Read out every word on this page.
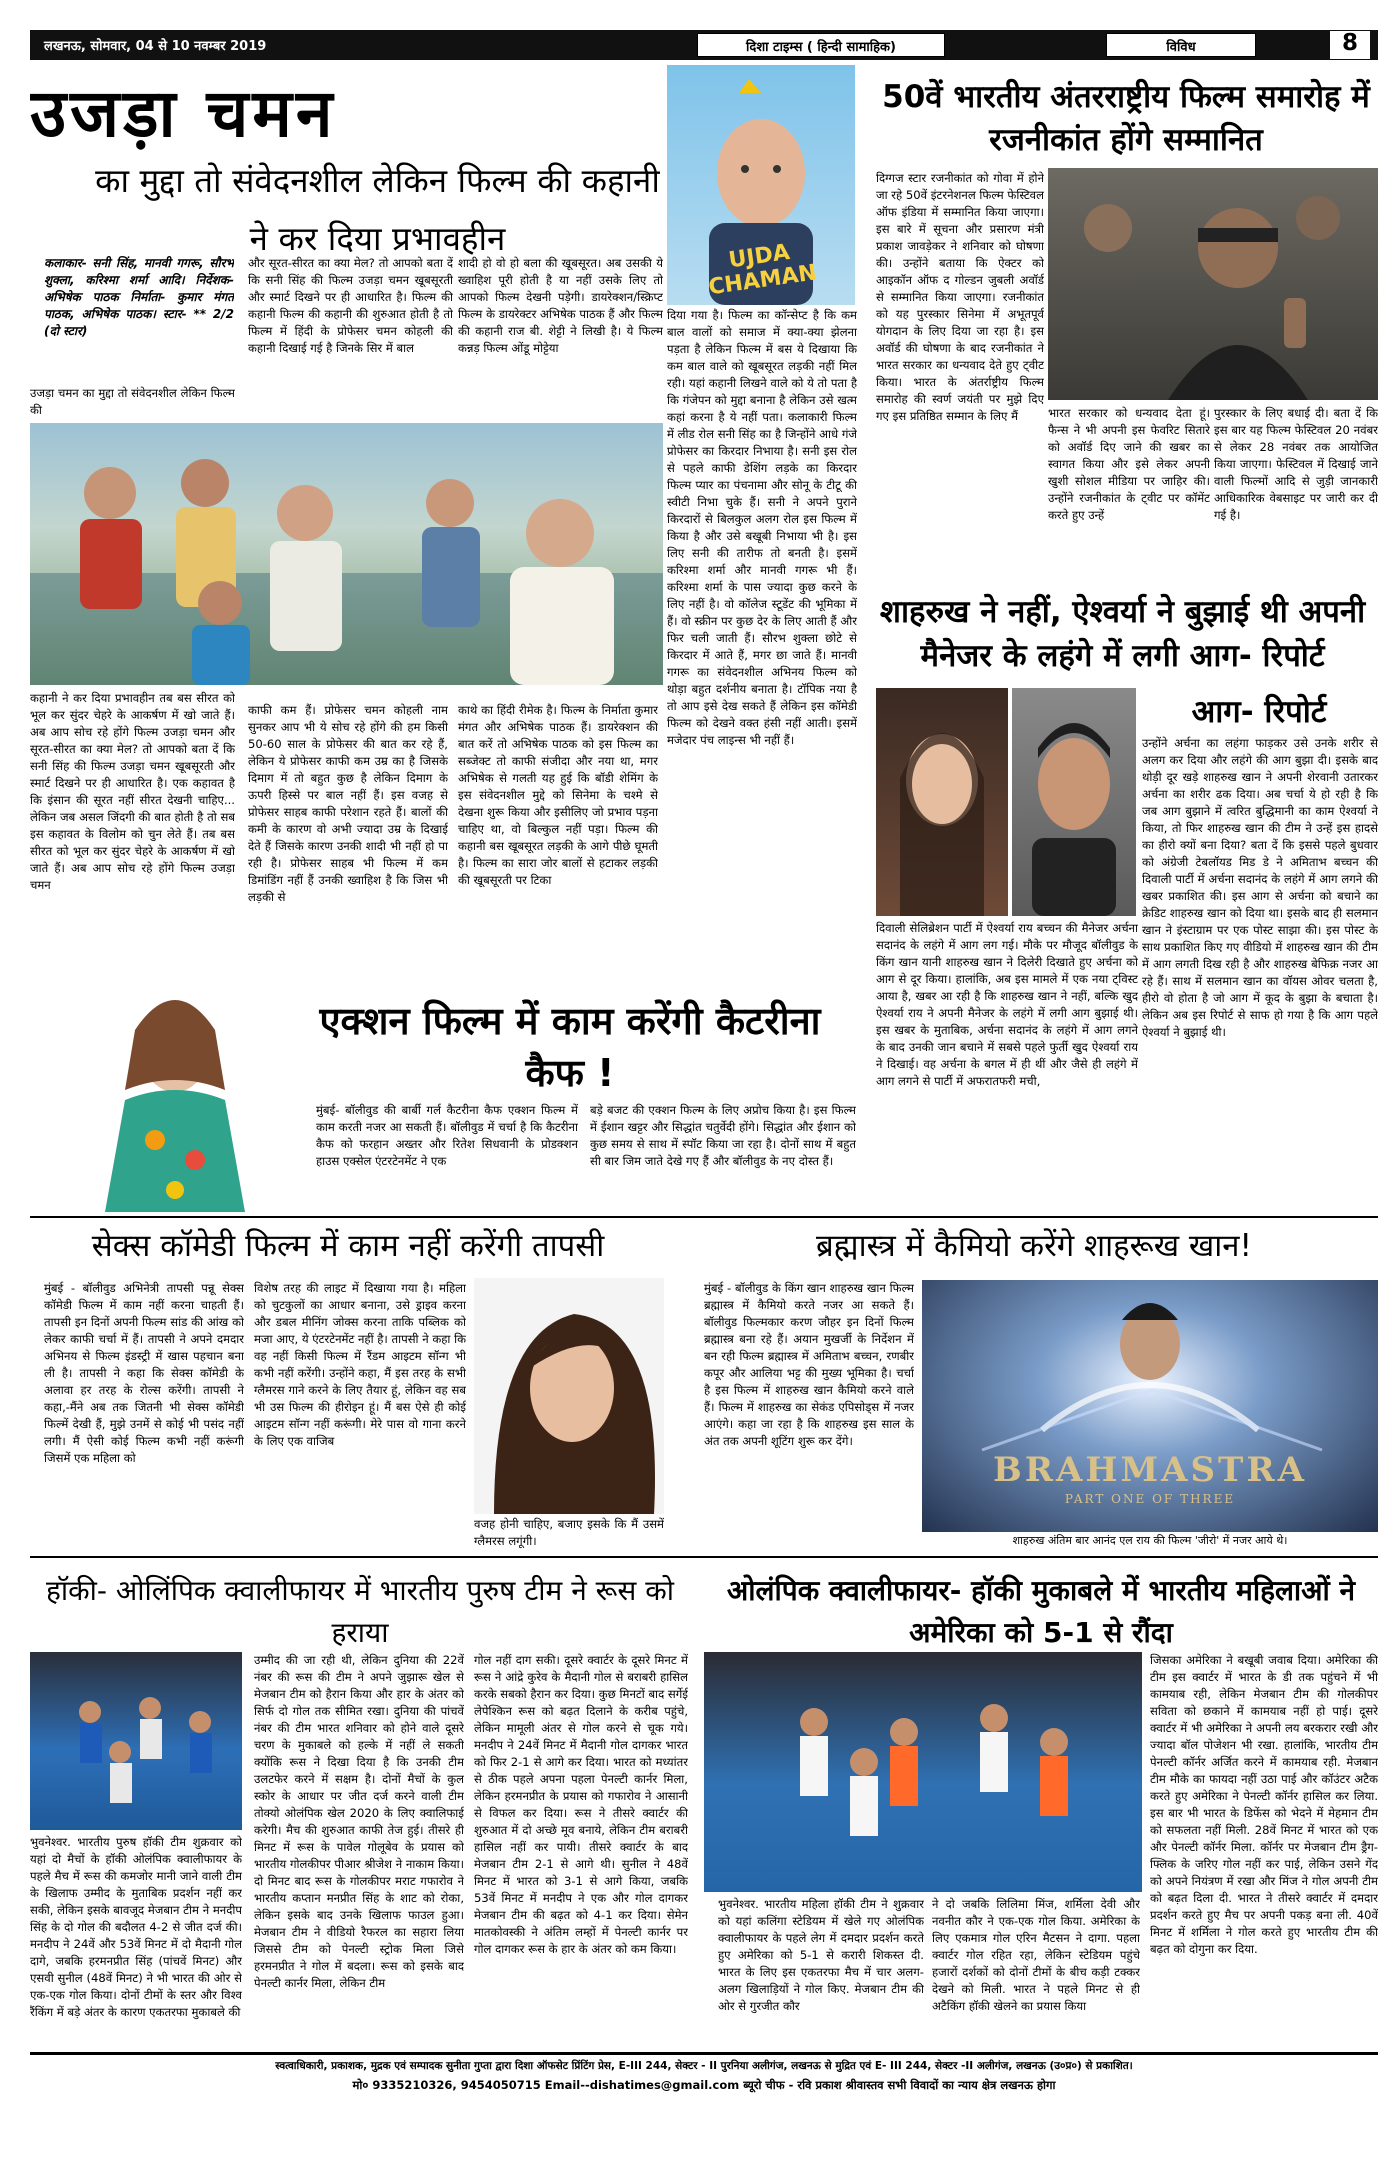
लखनऊ, सोमवार, 04 से 10 नवम्बर 2019	दिशा टाइम्स ( हिन्दी सामाहिक)	विविध	8
उजड़ा चमन
का मुद्दा तो संवेदनशील लेकिन फिल्म की कहानी ने कर दिया प्रभावहीन
कलाकार- सनी सिंह, मानवी गगरू, सौरभ शुक्ला, करिश्मा शर्मा आदि। निर्देशक- अभिषेक पाठक निर्माता- कुमार मंगत पाठक, अभिषेक पाठक। स्टार- ** 2/2 (दो स्टार)
उजड़ा चमन का मुद्दा तो संवेदनशील लेकिन फिल्म की
और सूरत-सीरत का क्या मेल? तो आपको बता दें कि सनी सिंह की फिल्म उजड़ा चमन खूबसूरती और स्मार्ट दिखने पर ही आधारित है। फिल्म की कहानी फिल्म की कहानी की शुरुआत होती है तो फिल्म में हिंदी के प्रोफेसर चमन कोहली की कहानी दिखाई गई है जिनके सिर में बाल
शादी हो वो हो बला की खूबसूरत। अब उसकी ये ख्वाहिश पूरी होती है या नहीं उसके लिए तो आपको फिल्म देखनी पड़ेगी। डायरेक्शन/स्क्रिप्ट फिल्म के डायरेक्टर अभिषेक पाठक हैं और फिल्म की कहानी राज बी. शेट्टी ने लिखी है। ये फिल्म कन्नड़ फिल्म ओंडू मोट्टेया
कहानी ने कर दिया प्रभावहीन तब बस सीरत को भूल कर सुंदर चेहरे के आकर्षण में खो जाते हैं। अब आप सोच रहे होंगे फिल्म उजड़ा चमन और सूरत-सीरत का क्या मेल? तो आपको बता दें कि सनी सिंह की फिल्म उजड़ा चमन खूबसूरती और स्मार्ट दिखने पर ही आधारित है। एक कहावत है कि इंसान की सूरत नहीं सीरत देखनी चाहिए... लेकिन जब असल जिंदगी की बात होती है तो सब इस कहावत के विलोम को चुन लेते हैं। तब बस सीरत को भूल कर सुंदर चेहरे के आकर्षण में खो जाते हैं। अब आप सोच रहे होंगे फिल्म उजड़ा चमन
काफी कम हैं। प्रोफेसर चमन कोहली नाम सुनकर आप भी ये सोच रहे होंगे की हम किसी 50-60 साल के प्रोफेसर की बात कर रहे हैं, लेकिन ये प्रोफेसर काफी कम उम्र का है जिसके दिमाग में तो बहुत कुछ है लेकिन दिमाग के ऊपरी हिस्से पर बाल नहीं हैं। इस वजह से प्रोफेसर साहब काफी परेशान रहते हैं। बालों की कमी के कारण वो अभी ज्यादा उम्र के दिखाई देते हैं जिसके कारण उनकी शादी भी नहीं हो पा रही है। प्रोफेसर साहब भी फिल्म में कम डिमांडिंग नहीं हैं उनकी ख्वाहिश है कि जिस भी लड़की से
काथे का हिंदी रीमेक है। फिल्म के निर्माता कुमार मंगत और अभिषेक पाठक हैं। डायरेक्शन की बात करें तो अभिषेक पाठक को इस फिल्म का सब्जेक्ट तो काफी संजीदा और नया था, मगर अभिषेक से गलती यह हुई कि बॉडी शेमिंग के इस संवेदनशील मुद्दे को सिनेमा के चश्मे से देखना शुरू किया और इसीलिए जो प्रभाव पड़ना चाहिए था, वो बिल्कुल नहीं पड़ा। फिल्म की कहानी बस खूबसूरत लड़की के आगे पीछे घूमती है। फिल्म का सारा जोर बालों से हटाकर लड़की की खूबसूरती पर टिका
UJDA CHAMAN
दिया गया है। फिल्म का कॉन्सेप्ट है कि कम बाल वालों को समाज में क्या-क्या झेलना पड़ता है लेकिन फिल्म में बस ये दिखाया कि कम बाल वाले को खूबसूरत लड़की नहीं मिल रही। यहां कहानी लिखने वाले को ये तो पता है कि गंजेपन को मुद्दा बनाना है लेकिन उसे खत्म कहां करना है ये नहीं पता। कलाकारी फिल्म में लीड रोल सनी सिंह का है जिन्होंने आधे गंजे प्रोफेसर का किरदार निभाया है। सनी इस रोल से पहले काफी डेशिंग लड़के का किरदार फिल्म प्यार का पंचनामा और सोनू के टीटू की स्वीटी निभा चुके हैं। सनी ने अपने पुराने किरदारों से बिलकुल अलग रोल इस फिल्म में किया है और उसे बखूबी निभाया भी है। इस लिए सनी की तारीफ तो बनती है। इसमें करिश्मा शर्मा और मानवी गगरू भी हैं। करिश्मा शर्मा के पास ज्यादा कुछ करने के लिए नहीं है। वो कॉलेज स्टूडेंट की भूमिका में हैं। वो स्क्रीन पर कुछ देर के लिए आती हैं और फिर चली जाती हैं। सौरभ शुक्ला छोटे से किरदार में आते हैं, मगर छा जाते हैं। मानवी गगरू का संवेदनशील अभिनय फिल्म को थोड़ा बहुत दर्शनीय बनाता है। टॉपिक नया है तो आप इसे देख सकते हैं लेकिन इस कॉमेडी फिल्म को देखने वक्त हंसी नहीं आती। इसमें मजेदार पंच लाइन्स भी नहीं हैं।
50वें भारतीय अंतरराष्ट्रीय फिल्म समारोह में रजनीकांत होंगे सम्मानित
दिग्गज स्टार रजनीकांत को गोवा में होने जा रहे 50वें इंटरनेशनल फिल्म फेस्टिवल ऑफ इंडिया में सम्मानित किया जाएगा। इस बारे में सूचना और प्रसारण मंत्री प्रकाश जावड़ेकर ने शनिवार को घोषणा की। उन्होंने बताया कि ऐक्टर को आइकॉन ऑफ द गोल्डन जुबली अवॉर्ड से सम्मानित किया जाएगा। रजनीकांत को यह पुरस्कार सिनेमा में अभूतपूर्व योगदान के लिए दिया जा रहा है। इस अवॉर्ड की घोषणा के बाद रजनीकांत ने भारत सरकार का धन्यवाद देते हुए ट्वीट किया। भारत के अंतर्राष्ट्रीय फिल्म समारोह की स्वर्ण जयंती पर मुझे दिए गए इस प्रतिष्ठित सम्मान के लिए मैं	भारत सरकार को धन्यवाद देता हूं। फैन्स ने भी अपनी इस फेवरिट सितारे को अवॉर्ड दिए जाने की खबर का स्वागत किया और इसे लेकर अपनी खुशी सोशल मीडिया पर जाहिर की। उन्होंने रजनीकांत के ट्वीट पर कॉमेंट करते हुए उन्हें
पुरस्कार के लिए बधाई दी। बता दें कि इस बार यह फिल्म फेस्टिवल 20 नवंबर से लेकर 28 नवंबर तक आयोजित किया जाएगा। फेस्टिवल में दिखाई जाने वाली फिल्मों आदि से जुड़ी जानकारी आधिकारिक वेबसाइट पर जारी कर दी गई है।
शाहरुख ने नहीं, ऐश्वर्या ने बुझाई थी अपनी मैनेजर के लहंगे में लगी आग- रिपोर्ट
आग- रिपोर्ट
उन्होंने अर्चना का लहंगा फाड़कर उसे उनके शरीर से अलग कर दिया और लहंगे की आग बुझा दी। इसके बाद थोड़ी दूर खड़े शाहरुख खान ने अपनी शेरवानी उतारकर अर्चना का शरीर ढक दिया। अब चर्चा ये हो रही है कि जब आग बुझाने में त्वरित बुद्धिमानी का काम ऐश्वर्या ने किया, तो फिर शाहरुख खान की टीम ने उन्हें इस हादसे का हीरो क्यों बना दिया? बता दें कि इससे पहले बुधवार को अंग्रेजी टेबलॉयड मिड डे ने अमिताभ बच्चन की दिवाली पार्टी में अर्चना सदानंद के लहंगे में आग लगने की खबर प्रकाशित की। इस आग से अर्चना को बचाने का क्रेडिट शाहरुख खान को दिया था। इसके बाद ही सलमान खान ने इंस्टाग्राम पर एक पोस्ट साझा की। इस पोस्ट के साथ प्रकाशित किए गए वीडियो में शाहरुख खान की टीम में आग लगती दिख रही है और शाहरुख बेफिक्र नजर आ रहे हैं। साथ में सलमान खान का वॉयस ओवर चलता है, हीरो वो होता है जो आग में कूद के बुझा के बचाता है। लेकिन अब इस रिपोर्ट से साफ हो गया है कि आग पहले ऐश्वर्या ने बुझाई थी।
दिवाली सेलिब्रेशन पार्टी में ऐश्वर्या राय बच्चन की मैनेजर अर्चना सदानंद के लहंगे में आग लग गई। मौके पर मौजूद बॉलीवुड के किंग खान यानी शाहरुख खान ने दिलेरी दिखाते हुए अर्चना को आग से दूर किया। हालांकि, अब इस मामले में एक नया ट्विस्ट आया है, खबर आ रही है कि शाहरुख खान ने नहीं, बल्कि खुद ऐश्वर्या राय ने अपनी मैनेजर के लहंगे में लगी आग बुझाई थी। इस खबर के मुताबिक, अर्चना सदानंद के लहंगे में आग लगने के बाद उनकी जान बचाने में सबसे पहले फुर्ती खुद ऐश्वर्या राय ने दिखाई। वह अर्चना के बगल में ही थीं और जैसे ही लहंगे में आग लगने से पार्टी में अफरातफरी मची,
एक्शन फिल्म में काम करेंगी कैटरीना कैफ !
मुंबई- बॉलीवुड की बार्बी गर्ल कैटरीना कैफ एक्शन फिल्म में काम करती नजर आ सकती हैं। बॉलीवुड में चर्चा है कि कैटरीना कैफ को फरहान अख्तर और रितेश सिधवानी के प्रोडक्शन हाउस एक्सेल एंटरटेनमेंट ने एक
बड़े बजट की एक्शन फिल्म के लिए अप्रोच किया है। इस फिल्म में ईशान खट्टर और सिद्धांत चतुर्वेदी होंगे। सिद्धांत और ईशान को कुछ समय से साथ में स्पॉट किया जा रहा है। दोनों साथ में बहुत सी बार जिम जाते देखे गए हैं और बॉलीवुड के नए दोस्त हैं।
सेक्स कॉमेडी फिल्म में काम नहीं करेंगी तापसी
मुंबई - बॉलीवुड अभिनेत्री तापसी पन्नू सेक्स कॉमेडी फिल्म में काम नहीं करना चाहती हैं। तापसी इन दिनों अपनी फिल्म सांड की आंख को लेकर काफी चर्चा में हैं। तापसी ने अपने दमदार अभिनय से फिल्म इंडस्ट्री में खास पहचान बना ली है। तापसी ने कहा कि सेक्स कॉमेडी के अलावा हर तरह के रोल्स करेंगी। तापसी ने कहा,-मैंने अब तक जितनी भी सेक्स कॉमेडी फिल्में देखी हैं, मुझे उनमें से कोई भी पसंद नहीं लगी। मैं ऐसी कोई फिल्म कभी नहीं करूंगी जिसमें एक महिला को
विशेष तरह की लाइट में दिखाया गया है। महिला को चुटकुलों का आधार बनाना, उसे ड्राइव करना और डबल मीनिंग जोक्स करना ताकि पब्लिक को मजा आए, ये एंटरटेनमेंट नहीं है। तापसी ने कहा कि वह नहीं किसी फिल्म में रैंडम आइटम सॉन्ग भी कभी नहीं करेंगी। उन्होंने कहा, मैं इस तरह के सभी ग्लैमरस गाने करने के लिए तैयार हूं, लेकिन वह सब भी उस फिल्म की हीरोइन हूं। मैं बस ऐसे ही कोई आइटम सॉन्ग नहीं करूंगी। मेरे पास वो गाना करने के लिए एक वाजिब
वजह होनी चाहिए, बजाए इसके कि मैं उसमें ग्लैमरस लगूंगी।
ब्रह्मास्त्र में कैमियो करेंगे शाहरूख खान!
मुंबई - बॉलीवुड के किंग खान शाहरुख खान फिल्म ब्रह्मास्त्र में कैमियो करते नजर आ सकते हैं। बॉलीवुड फिल्मकार करण जौहर इन दिनों फिल्म ब्रह्मास्त्र बना रहे हैं। अयान मुखर्जी के निर्देशन में बन रही फिल्म ब्रह्मास्त्र में अमिताभ बच्चन, रणबीर कपूर और आलिया भट्ट की मुख्य भूमिका है। चर्चा है इस फिल्म में शाहरुख खान कैमियो करने वाले हैं। फिल्म में शाहरुख का सेकंड एपिसोड्स में नजर आएंगे। कहा जा रहा है कि शाहरुख इस साल के अंत तक अपनी शूटिंग शुरू कर देंगे।
BRAHMASTRA
PART ONE OF THREE
शाहरुख अंतिम बार आनंद एल राय की फिल्म 'जीरो' में नजर आये थे।
हॉकी- ओलिंपिक क्वालीफायर में भारतीय पुरुष टीम ने रूस को हराया
भुवनेश्वर. भारतीय पुरुष हॉकी टीम शुक्रवार को यहां दो मैचों के हॉकी ओलंपिक क्वालीफायर के पहले मैच में रूस की कमजोर मानी जाने वाली टीम के खिलाफ उम्मीद के मुताबिक प्रदर्शन नहीं कर सकी, लेकिन इसके बावजूद मेजबान टीम ने मनदीप सिंह के दो गोल की बदौलत 4-2 से जीत दर्ज की। मनदीप ने 24वें और 53वें मिनट में दो मैदानी गोल दागे, जबकि हरमनप्रीत सिंह (पांचवें मिनट) और एसवी सुनील (48वें मिनट) ने भी भारत की ओर से एक-एक गोल किया। दोनों टीमों के स्तर और विश्व रैंकिंग में बड़े अंतर के कारण एकतरफा मुकाबले की
उम्मीद की जा रही थी, लेकिन दुनिया की 22वें नंबर की रूस की टीम ने अपने जुझारू खेल से मेजबान टीम को हैरान किया और हार के अंतर को सिर्फ दो गोल तक सीमित रखा। दुनिया की पांचवें नंबर की टीम भारत शनिवार को होने वाले दूसरे चरण के मुकाबले को हल्के में नहीं ले सकती क्योंकि रूस ने दिखा दिया है कि उनकी टीम उलटफेर करने में सक्षम है। दोनों मैचों के कुल स्कोर के आधार पर जीत दर्ज करने वाली टीम तोक्यो ओलंपिक खेल 2020 के लिए क्वालिफाई करेगी। मैच की शुरुआत काफी तेज हुई। तीसरे ही मिनट में रूस के पावेल गोलूबेव के प्रयास को भारतीय गोलकीपर पीआर श्रीजेश ने नाकाम किया। दो मिनट बाद रूस के गोलकीपर मराट गफारोव ने भारतीय कप्तान मनप्रीत सिंह के शाट को रोका, लेकिन इसके बाद उनके खिलाफ फाउल हुआ। मेजबान टीम ने वीडियो रैफरल का सहारा लिया जिससे टीम को पेनल्टी स्ट्रोक मिला जिसे हरमनप्रीत ने गोल में बदला। रूस को इसके बाद पेनल्टी कार्नर मिला, लेकिन टीम
गोल नहीं दाग सकी। दूसरे क्वार्टर के दूसरे मिनट में रूस ने आंद्रे कुरेव के मैदानी गोल से बराबरी हासिल करके सबको हैरान कर दिया। कुछ मिनटों बाद सर्गेई लेपेश्किन रूस को बढ़त दिलाने के करीब पहुंचे, लेकिन मामूली अंतर से गोल करने से चूक गये। मनदीप ने 24वें मिनट में मैदानी गोल दागकर भारत को फिर 2-1 से आगे कर दिया। भारत को मध्यांतर से ठीक पहले अपना पहला पेनल्टी कार्नर मिला, लेकिन हरमनप्रीत के प्रयास को गफारोव ने आसानी से विफल कर दिया। रूस ने तीसरे क्वार्टर की शुरुआत में दो अच्छे मूव बनाये, लेकिन टीम बराबरी हासिल नहीं कर पायी। तीसरे क्वार्टर के बाद मेजबान टीम 2-1 से आगे थी। सुनील ने 48वें मिनट में भारत को 3-1 से आगे किया, जबकि 53वें मिनट में मनदीप ने एक और गोल दागकर मेजबान टीम की बढ़त को 4-1 कर दिया। सेमेन मातकोवस्की ने अंतिम लम्हों में पेनल्टी कार्नर पर गोल दागकर रूस के हार के अंतर को कम किया।
ओलंपिक क्वालीफायर- हॉकी मुकाबले में भारतीय महिलाओं ने अमेरिका को 5-1 से रौंदा
जिसका अमेरिका ने बखूबी जवाब दिया। अमेरिका की टीम इस क्वार्टर में भारत के डी तक पहुंचने में भी कामयाब रही, लेकिन मेजबान टीम की गोलकीपर सविता को छकाने में कामयाब नहीं हो पाई। दूसरे क्वार्टर में भी अमेरिका ने अपनी लय बरकरार रखी और ज्यादा बॉल पोजेशन भी रखा. हालांकि, भारतीय टीम पेनल्टी कॉर्नर अर्जित करने में कामयाब रही. मेजबान टीम मौके का फायदा नहीं उठा पाई और कॉउंटर अटैक करते हुए अमेरिका ने पेनल्टी कॉर्नर हासिल कर लिया. इस बार भी भारत के डिफेंस को भेदने में मेहमान टीम को सफलता नहीं मिली. 28वें मिनट में भारत को एक और पेनल्टी कॉर्नर मिला. कॉर्नर पर मेजबान टीम ड्रैग-फ्लिक के जरिए गोल नहीं कर पाई, लेकिन उसने गेंद को अपने नियंत्रण में रखा और मिंज ने गोल अपनी टीम को बढ़त दिला दी. भारत ने तीसरे क्वार्टर में दमदार प्रदर्शन करते हुए मैच पर अपनी पकड़ बना ली. 40वें मिनट में शर्मिला ने गोल करते हुए भारतीय टीम की बढ़त को दोगुना कर दिया.
भुवनेश्वर. भारतीय महिला हॉकी टीम ने शुक्रवार को यहां कलिंगा स्टेडियम में खेले गए ओलंपिक क्वालीफायर के पहले लेग में दमदार प्रदर्शन करते हुए अमेरिका को 5-1 से करारी शिकस्त दी. भारत के लिए इस एकतरफा मैच में चार अलग-अलग खिलाड़ियों ने गोल किए. मेजबान टीम की ओर से गुरजीत कौर
ने दो जबकि लिलिमा मिंज, शर्मिला देवी और नवनीत कौर ने एक-एक गोल किया. अमेरिका के लिए एकमात्र गोल एरिन मैटसन ने दागा. पहला क्वार्टर गोल रहित रहा, लेकिन स्टेडियम पहुंचे हजारों दर्शकों को दोनों टीमों के बीच कड़ी टक्कर देखने को मिली. भारत ने पहले मिनट से ही अटैकिंग हॉकी खेलने का प्रयास किया
स्वत्वाधिकारी, प्रकाशक, मुद्रक एवं सम्पादक सुनीता गुप्ता द्वारा दिशा ऑफसेट प्रिंटिंग प्रेस, E-III 244, सेक्टर - II पुरनिया अलीगंज, लखनऊ से मुद्रित एवं E- III 244, सेक्टर -II अलीगंज, लखनऊ (उ०प्र०) से प्रकाशित।
मो० 9335210326, 9454050715 Email--dishatimes@gmail.com ब्यूरो चीफ - रवि प्रकाश श्रीवास्तव सभी विवादों का न्याय क्षेत्र लखनऊ होगा
